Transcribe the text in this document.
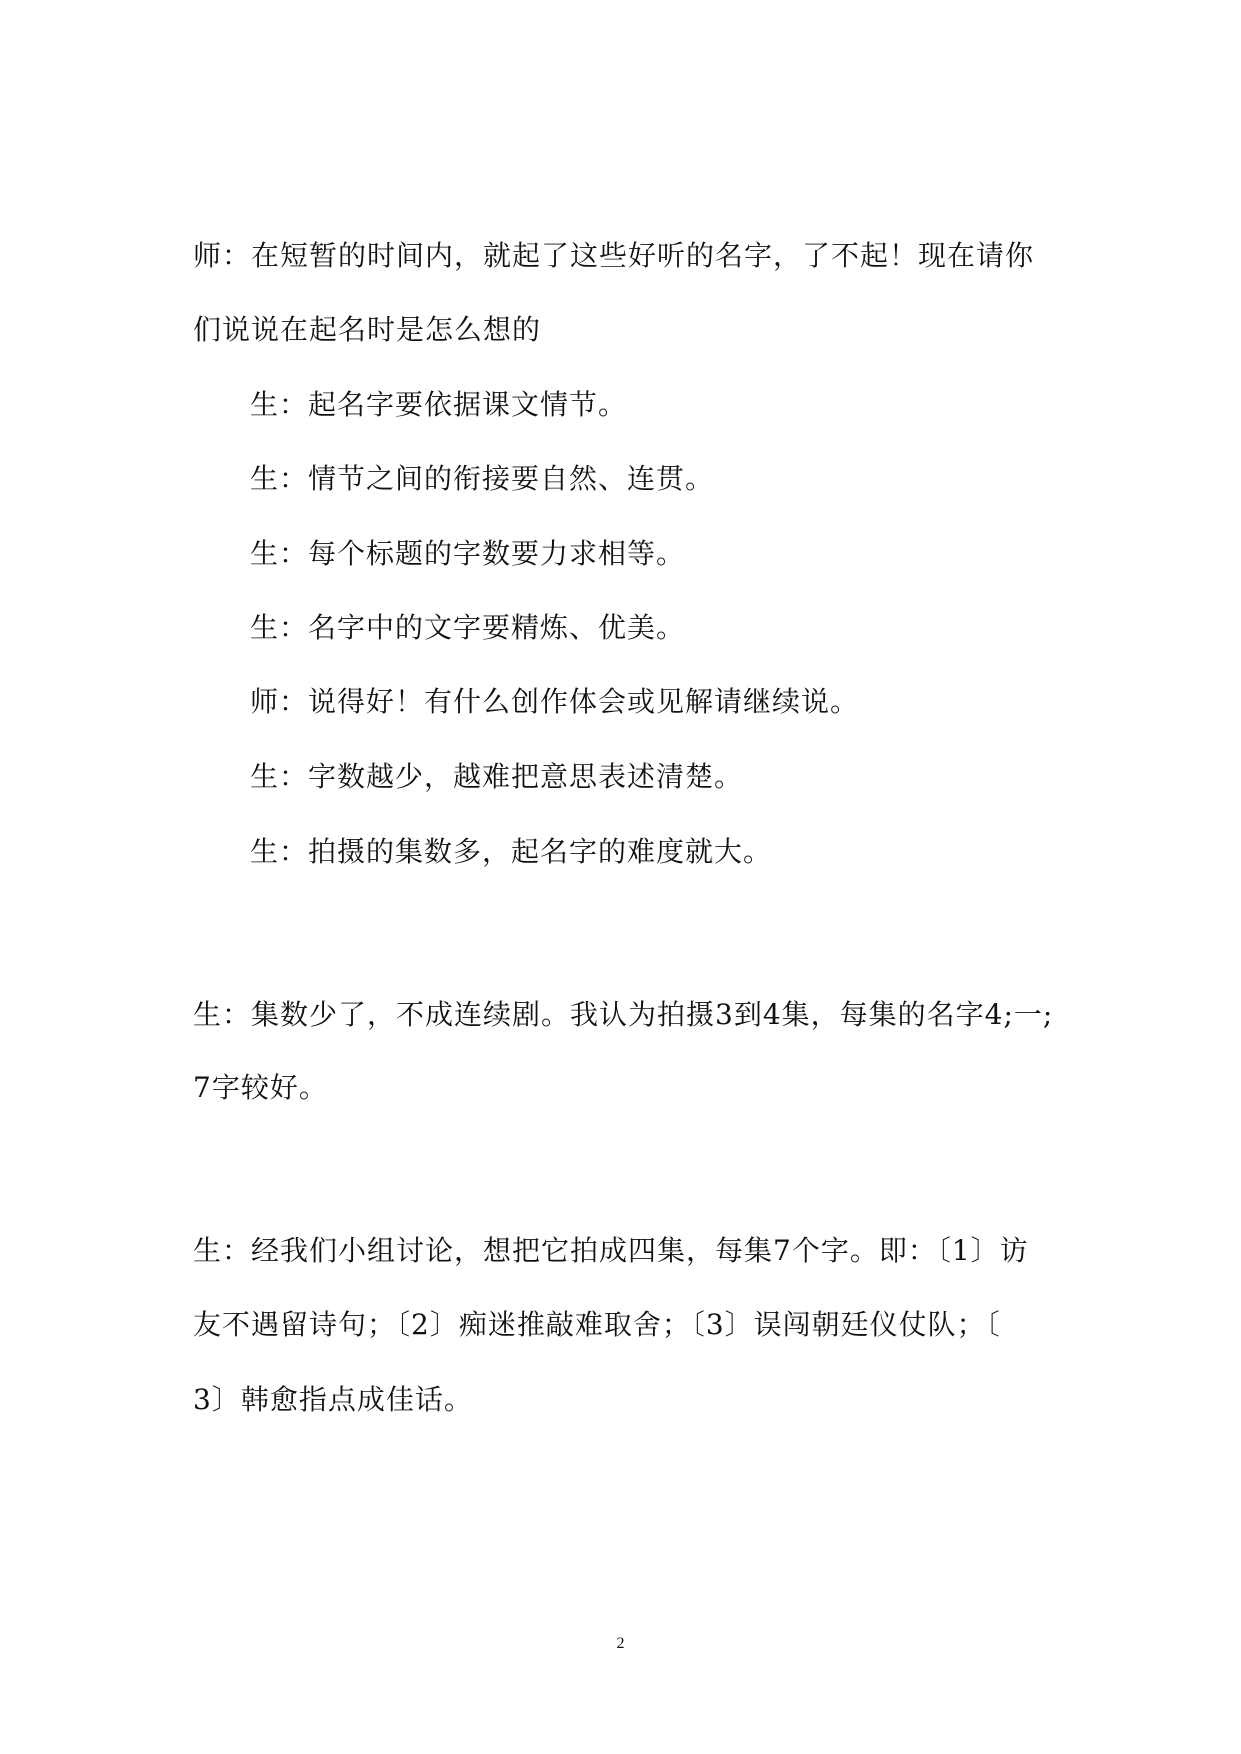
师：在短暂的时间内，就起了这些好听的名字，了不起！现在请你
们说说在起名时是怎么想的
生：起名字要依据课文情节。
生：情节之间的衔接要自然、连贯。
生：每个标题的字数要力求相等。
生：名字中的文字要精炼、优美。
师：说得好！有什么创作体会或见解请继续说。
生：字数越少，越难把意思表述清楚。
生：拍摄的集数多，起名字的难度就大。
生：集数少了，不成连续剧。我认为拍摄3到4集，每集的名字4;一;
7字较好。
生：经我们小组讨论，想把它拍成四集，每集7个字。即：〔1〕访
友不遇留诗句；〔2〕痴迷推敲难取舍；〔3〕误闯朝廷仪仗队；〔
3〕韩愈指点成佳话。
2
